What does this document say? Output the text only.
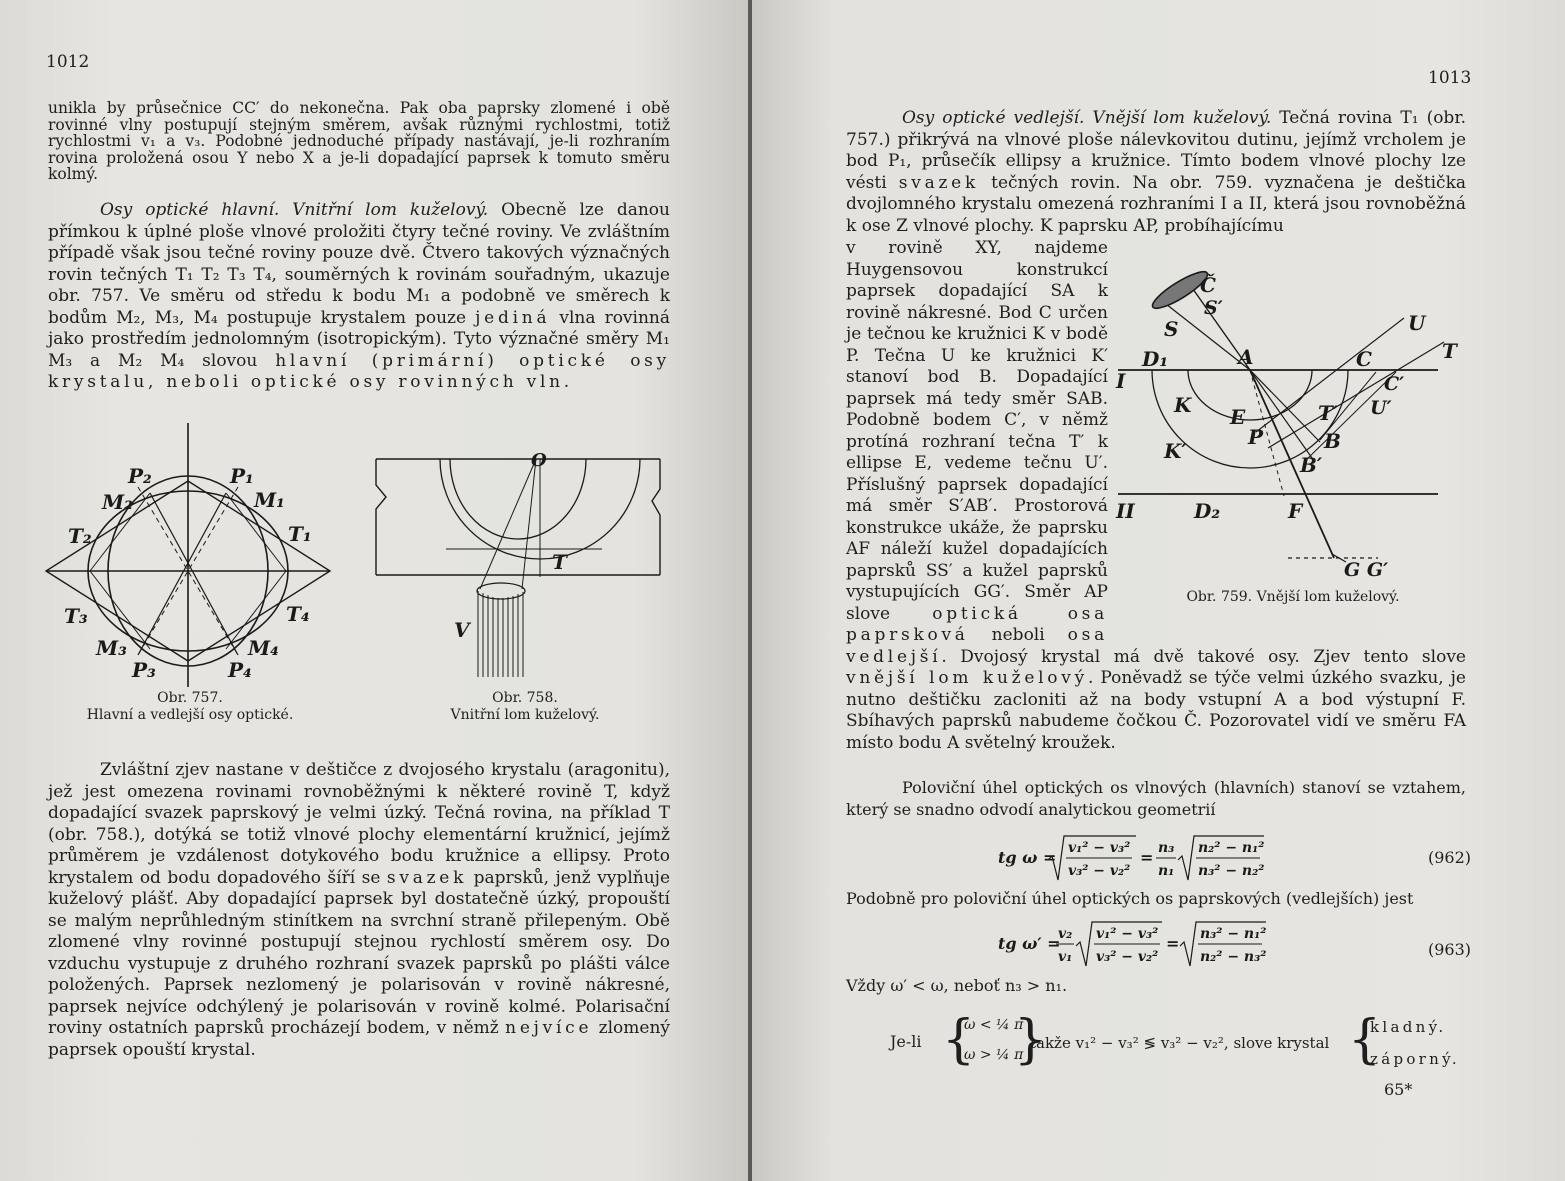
1012

unikla by průsečnice CC′ do nekonečna. Pak oba paprsky zlomené i obě rovinné vlny postupují stejným směrem, avšak různými rychlostmi, totiž rychlostmi v₁ a v₃. Podobné jednoduché případy nastávají, je-li rozhraním rovina proložená osou Y nebo X a je-li dopadající paprsek k tomuto směru kolmý.

Osy optické hlavní. Vnitřní lom kuželový. Obecně lze danou přímkou k úplné ploše vlnové proložiti čtyry tečné roviny. Ve zvláštním případě však jsou tečné roviny pouze dvě. Čtvero takových význačných rovin tečných T₁ T₂ T₃ T₄, souměrných k rovinám souřadným, ukazuje obr. 757. Ve směru od středu k bodu M₁ a podobně ve směrech k bodům M₂, M₃, M₄ postupuje krystalem pouze jediná vlna rovinná jako prostředím jednolomným (isotropickým). Tyto význačné směry M₁ M₃ a M₂ M₄ slovou hlavní (primární) optické osy krystalu, neboli optické osy rovinných vln.

P₂	P₁
M₂	M₁
T₂	T₁
T₃	T₄
M₃	M₄
P₃	P₄
Obr. 757.
Hlavní a vedlejší osy optické.
O
T
V
Obr. 758.
Vnitřní lom kuželový.

Zvláštní zjev nastane v deštičce z dvojosého krystalu (aragonitu), jež jest omezena rovinami rovnoběžnými k některé rovině T, když dopadající svazek paprskový je velmi úzký. Tečná rovina, na příklad T (obr. 758.), dotýká se totiž vlnové plochy elementární kružnicí, jejímž průměrem je vzdálenost dotykového bodu kružnice a ellipsy. Proto krystalem od bodu dopadového šíří se svazek paprsků, jenž vyplňuje kuželový plášť. Aby dopadající paprsek byl dostatečně úzký, propouští se malým neprůhledným stinítkem na svrchní straně přilepeným. Obě zlomené vlny rovinné postupují stejnou rychlostí směrem osy. Do vzduchu vystupuje z druhého rozhraní svazek paprsků po plášti válce položených. Paprsek nezlomený je polarisován v rovině nákresné, paprsek nejvíce odchýlený je polarisován v rovině kolmé. Polarisační roviny ostatních paprsků procházejí bodem, v němž nejvíce zlomený paprsek opouští krystal.

1013

Osy optické vedlejší. Vnější lom kuželový. Tečná rovina T₁ (obr. 757.) přikrývá na vlnové ploše nálevkovitou dutinu, jejímž vrcholem je bod P₁, průsečík ellipsy a kružnice. Tímto bodem vlnové plochy lze vésti svazek tečných rovin. Na obr. 759. vyznačena je deštička dvojlomného krystalu omezená rozhraními I a II, která jsou rovnoběžná k ose Z vlnové plochy. K paprsku AP, probíhajícímu

v rovině XY, najdeme Huygensovou konstrukcí paprsek dopadající SA k rovině nákresné. Bod C určen je tečnou ke kružnici K v bodě P. Tečna U ke kružnici K′ stanoví bod B. Dopadající paprsek má tedy směr SAB. Podobně bodem C′, v němž protíná rozhraní tečna T′ k ellipse E, vedeme tečnu U′. Příslušný paprsek dopadající má směr S′AB′. Prostorová konstrukce ukáže, že paprsku AF náleží kužel dopadajících paprsků SS′ a kužel paprsků vystupujících GG′. Směr AP slove optická osa paprsková neboli osa vedlejší. Dvojosý krystal má dvě takové osy. Zjev tento slove vnější lom kuželový. Poněvadž se týče velmi úzkého svazku, je nutno deštičku zacloniti až na body vstupní A a bod výstupní F. Sbíhavých paprsků nabudeme čočkou Č. Pozorovatel vidí ve směru FA místo bodu A světelný kroužek.

Č
S′
S
A
D₁
I
K E
P
K′
T′
B
B′
C
C′
U
T
U′
II	D₂	F
G G′
Obr. 759. Vnější lom kuželový.

Poloviční úhel optických os vlnových (hlavních) stanoví se vztahem, který se snadno odvodí analytickou geometrií

tg ω = v₁² − v₃²
v₃² − v₂²
= n₃
n₁
n₂² − n₁²
n₃² − n₂²
(962)

Podobně pro poloviční úhel optických os paprskových (vedlejších) jest

tg ω′ =
v₂
v₁
v₁² − v₃²
v₃² − v₂²
= n₃² − n₁²
n₂² − n₃²	(963)

Vždy ω′ < ω, neboť n₃ > n₁.

Je-li {
ω < ¼ π
ω > ¼ π
}
takže v₁² − v₃² ≶ v₃² − v₂², slove krystal {
kladný.
záporný.
65*
